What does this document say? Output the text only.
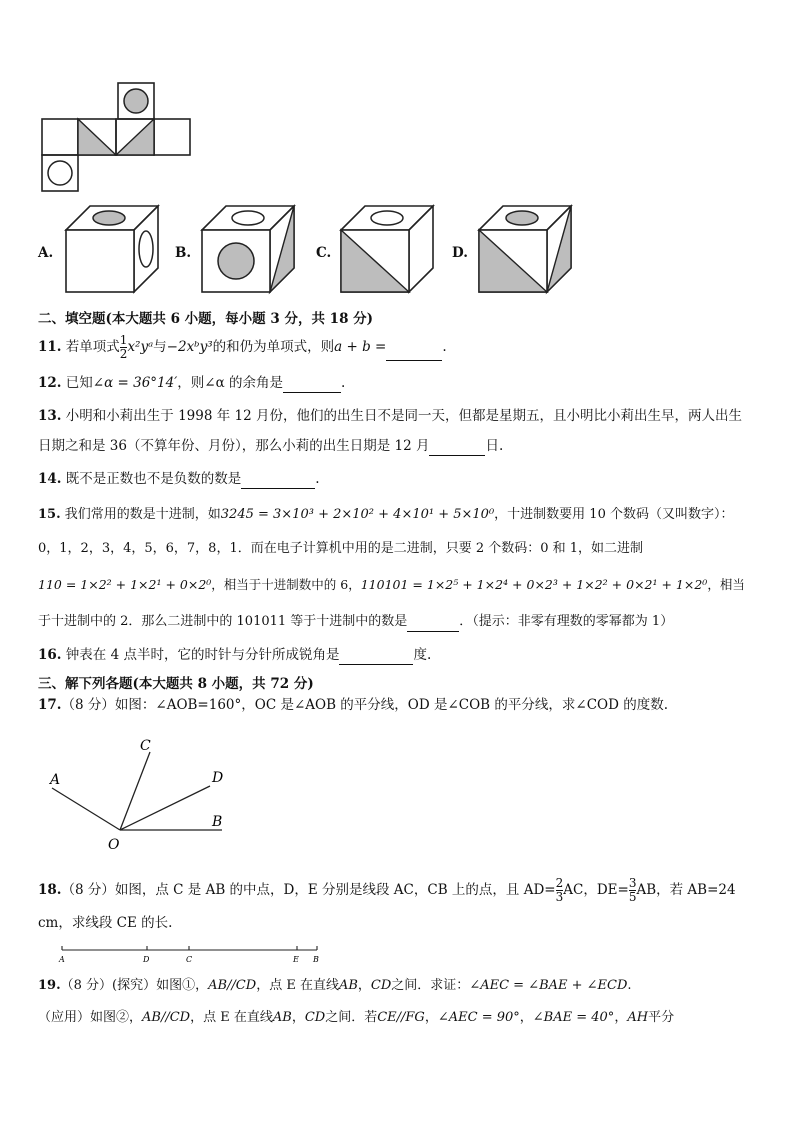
A.	B.	C.	D.
二、填空题(本大题共 6 小题，每小题 3 分，共 18 分)
11. 若单项式 $\frac{1}{2}$ x²yᵃ与−2xᵇy³的和仍为单项式，则a + b =	.
12. 已知∠α = 36°14′，则∠α 的余角是	.
13. 小明和小莉出生于 1998 年 12 月份，他们的出生日不是同一天，但都是星期五，且小明比小莉出生早，两人出生
日期之和是 36（不算年份、月份），那么小莉的出生日期是 12 月	日.
14. 既不是正数也不是负数的数是	.
15. 我们常用的数是十进制，如3245 = 3×10³ + 2×10² + 4×10¹ + 5×10⁰，十进制数要用 10 个数码（又叫数字）：
0，1，2，3，4，5，6，7，8，1．而在电子计算机中用的是二进制，只要 2 个数码：0 和 1，如二进制
110 = 1×2² + 1×2¹ + 0×2⁰，相当于十进制数中的 6，110101 = 1×2⁵ + 1×2⁴ + 0×2³ + 1×2² + 0×2¹ + 1×2⁰，相当
于十进制中的 2．那么二进制中的 101011 等于十进制中的数是	．（提示：非零有理数的零幂都为 1）
16. 钟表在 4 点半时，它的时针与分针所成锐角是	度.
三、解下列各题(本大题共 8 小题，共 72 分)
17.（8 分）如图：∠AOB=160°，OC 是∠AOB 的平分线，OD 是∠COB 的平分线，求∠COD 的度数.
A
C
D
B
O
18.（8 分）如图，点 C 是 AB 的中点，D，E 分别是线段 AC，CB 上的点，且 $AD= \frac{2}{3}$ AC，$DE= \frac{3}{5}$ AB，若 AB=24
cm，求线段 CE 的长.
A	D	C	E B
19.（8 分）(探究）如图①，AB//CD，点 E 在直线AB，CD之间．求证：∠AEC = ∠BAE + ∠ECD.
（应用）如图②，AB//CD，点 E 在直线AB，CD之间．若CE//FG，∠AEC = 90°，∠BAE = 40°，AH平分
